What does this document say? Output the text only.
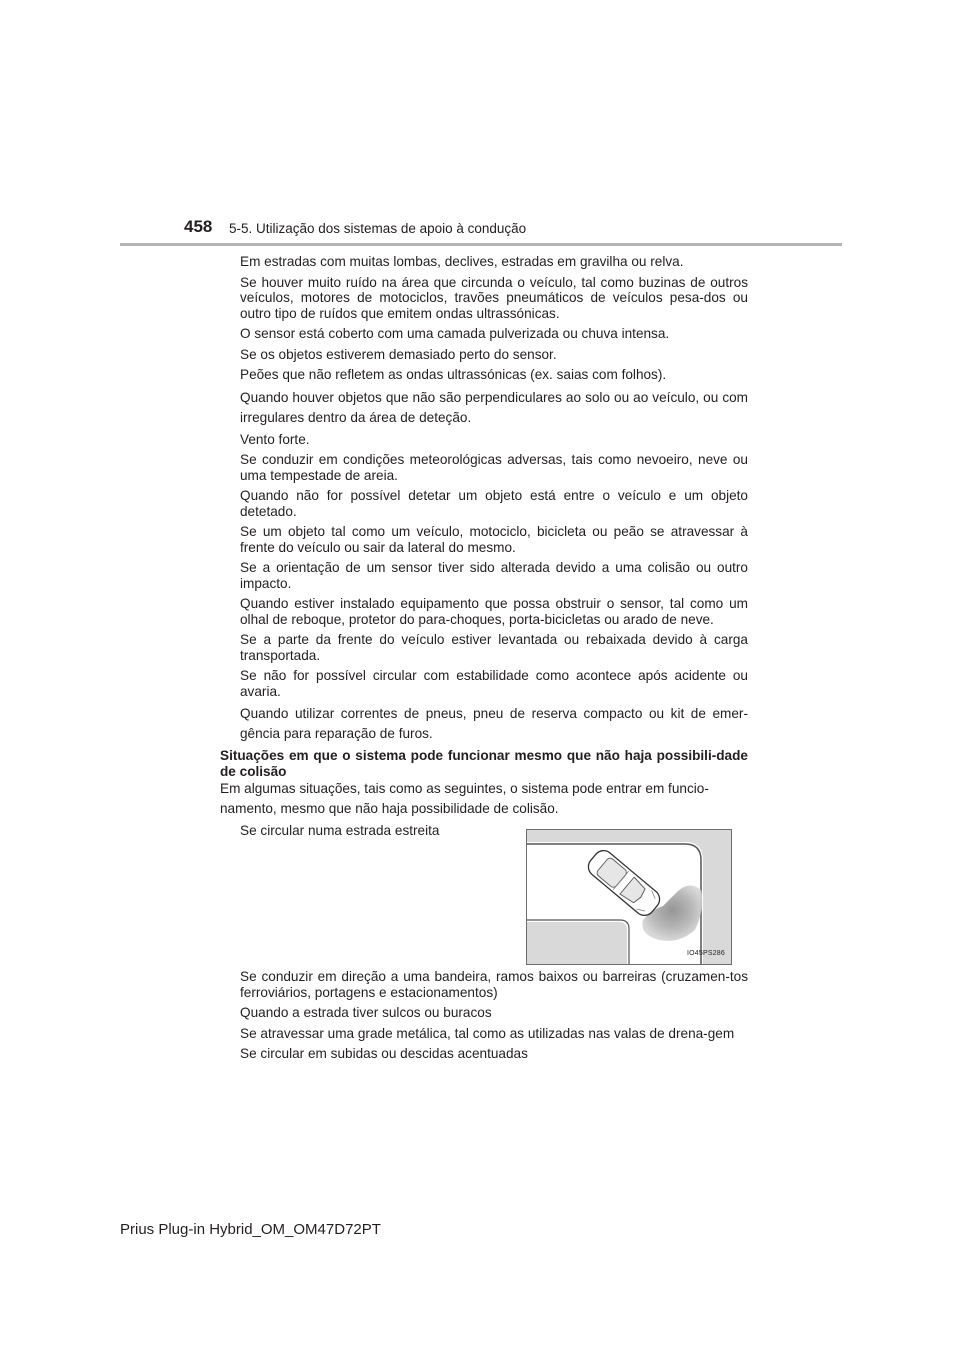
458 5-5. Utilização dos sistemas de apoio à condução
Em estradas com muitas lombas, declives, estradas em gravilha ou relva.
Se houver muito ruído na área que circunda o veículo, tal como buzinas de outros veículos, motores de motociclos, travões pneumáticos de veículos pesa-dos ou outro tipo de ruídos que emitem ondas ultrassónicas.
O sensor está coberto com uma camada pulverizada ou chuva intensa.
Se os objetos estiverem demasiado perto do sensor.
Peões que não refletem as ondas ultrassónicas (ex. saias com folhos).
Quando houver objetos que não são perpendiculares ao solo ou ao veículo, ou com irregulares dentro da área de deteção.
Vento forte.
Se conduzir em condições meteorológicas adversas, tais como nevoeiro, neve ou uma tempestade de areia.
Quando não for possível detetar um objeto está entre o veículo e um objeto detetado.
Se um objeto tal como um veículo, motociclo, bicicleta ou peão se atravessar à frente do veículo ou sair da lateral do mesmo.
Se a orientação de um sensor tiver sido alterada devido a uma colisão ou outro impacto.
Quando estiver instalado equipamento que possa obstruir o sensor, tal como um olhal de reboque, protetor do para-choques, porta-bicicletas ou arado de neve.
Se a parte da frente do veículo estiver levantada ou rebaixada devido à carga transportada.
Se não for possível circular com estabilidade como acontece após acidente ou avaria.
Quando utilizar correntes de pneus, pneu de reserva compacto ou kit de emer-gência para reparação de furos.
Situações em que o sistema pode funcionar mesmo que não haja possibili-dade de colisão
Em algumas situações, tais como as seguintes, o sistema pode entrar em funcio-namento, mesmo que não haja possibilidade de colisão.
Se circular numa estrada estreita
IO45PS286
Se conduzir em direção a uma bandeira, ramos baixos ou barreiras (cruzamen-tos ferroviários, portagens e estacionamentos)
Quando a estrada tiver sulcos ou buracos
Se atravessar uma grade metálica, tal como as utilizadas nas valas de drena-gem
Se circular em subidas ou descidas acentuadas
Prius Plug-in Hybrid_OM_OM47D72PT
